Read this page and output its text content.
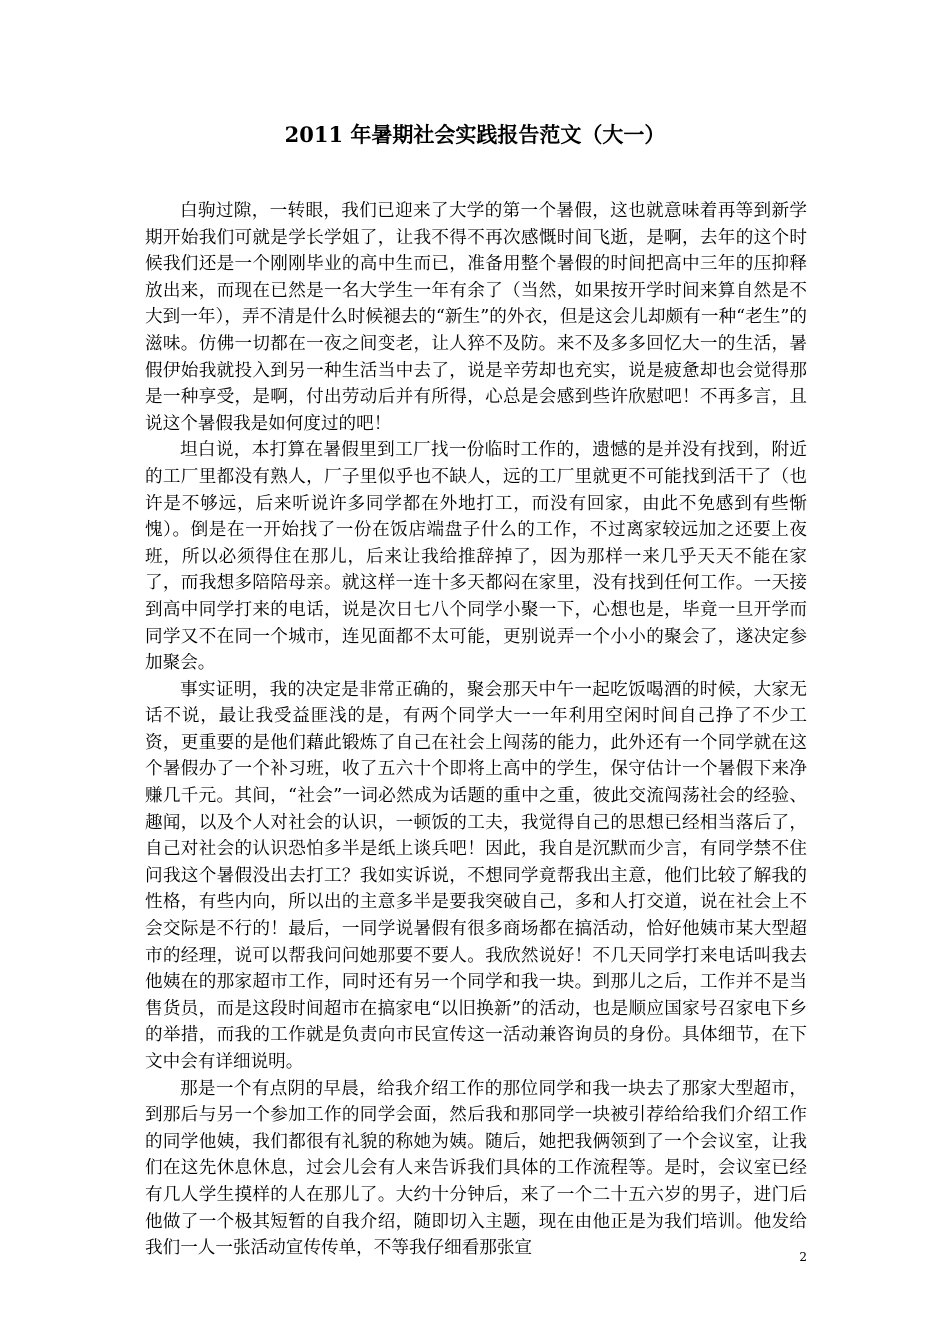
2011 年暑期社会实践报告范文（大一）

白驹过隙，一转眼，我们已迎来了大学的第一个暑假，这也就意味着再等到新学期开始我们可就是学长学姐了，让我不得不再次感慨时间飞逝，是啊，去年的这个时候我们还是一个刚刚毕业的高中生而已，准备用整个暑假的时间把高中三年的压抑释放出来，而现在已然是一名大学生一年有余了（当然，如果按开学时间来算自然是不大到一年），弄不清是什么时候褪去的“新生”的外衣，但是这会儿却颇有一种“老生”的滋味。仿佛一切都在一夜之间变老，让人猝不及防。来不及多多回忆大一的生活，暑假伊始我就投入到另一种生活当中去了，说是辛劳却也充实，说是疲惫却也会觉得那是一种享受，是啊，付出劳动后并有所得，心总是会感到些许欣慰吧！不再多言，且说这个暑假我是如何度过的吧！

坦白说，本打算在暑假里到工厂找一份临时工作的，遗憾的是并没有找到，附近的工厂里都没有熟人，厂子里似乎也不缺人，远的工厂里就更不可能找到活干了（也许是不够远，后来听说许多同学都在外地打工，而没有回家，由此不免感到有些惭愧）。倒是在一开始找了一份在饭店端盘子什么的工作，不过离家较远加之还要上夜班，所以必须得住在那儿，后来让我给推辞掉了，因为那样一来几乎天天不能在家了，而我想多陪陪母亲。就这样一连十多天都闷在家里，没有找到任何工作。一天接到高中同学打来的电话，说是次日七八个同学小聚一下，心想也是，毕竟一旦开学而同学又不在同一个城市，连见面都不太可能，更别说弄一个小小的聚会了，遂决定参加聚会。

事实证明，我的决定是非常正确的，聚会那天中午一起吃饭喝酒的时候，大家无话不说，最让我受益匪浅的是，有两个同学大一一年利用空闲时间自己挣了不少工资，更重要的是他们藉此锻炼了自己在社会上闯荡的能力，此外还有一个同学就在这个暑假办了一个补习班，收了五六十个即将上高中的学生，保守估计一个暑假下来净赚几千元。其间，“社会”一词必然成为话题的重中之重，彼此交流闯荡社会的经验、趣闻，以及个人对社会的认识，一顿饭的工夫，我觉得自己的思想已经相当落后了，自己对社会的认识恐怕多半是纸上谈兵吧！因此，我自是沉默而少言，有同学禁不住问我这个暑假没出去打工？我如实诉说，不想同学竟帮我出主意，他们比较了解我的性格，有些内向，所以出的主意多半是要我突破自己，多和人打交道，说在社会上不会交际是不行的！最后，一同学说暑假有很多商场都在搞活动，恰好他姨市某大型超市的经理，说可以帮我问问她那要不要人。我欣然说好！不几天同学打来电话叫我去他姨在的那家超市工作，同时还有另一个同学和我一块。到那儿之后，工作并不是当售货员，而是这段时间超市在搞家电“以旧换新”的活动，也是顺应国家号召家电下乡的举措，而我的工作就是负责向市民宣传这一活动兼咨询员的身份。具体细节，在下文中会有详细说明。

那是一个有点阴的早晨，给我介绍工作的那位同学和我一块去了那家大型超市，到那后与另一个参加工作的同学会面，然后我和那同学一块被引荐给给我们介绍工作的同学他姨，我们都很有礼貌的称她为姨。随后，她把我俩领到了一个会议室，让我们在这先休息休息，过会儿会有人来告诉我们具体的工作流程等。是时，会议室已经有几人学生摸样的人在那儿了。大约十分钟后，来了一个二十五六岁的男子，进门后他做了一个极其短暂的自我介绍，随即切入主题，现在由他正是为我们培训。他发给我们一人一张活动宣传传单，不等我仔细看那张宣	2
